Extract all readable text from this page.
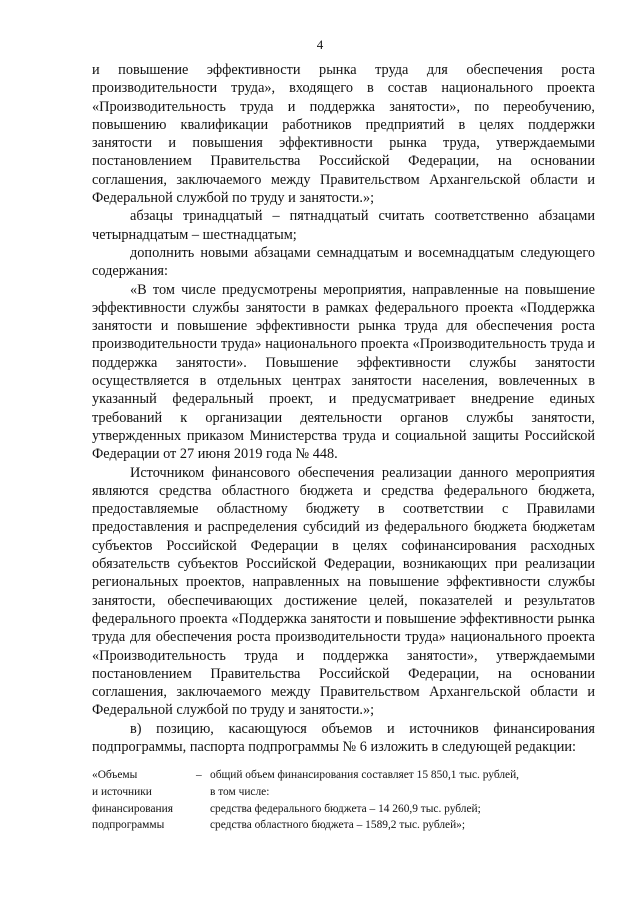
4

и повышение эффективности рынка труда для обеспечения роста производительности труда», входящего в состав национального проекта «Производительность труда и поддержка занятости», по переобучению, повышению квалификации работников предприятий в целях поддержки занятости и повышения эффективности рынка труда, утверждаемыми постановлением Правительства Российской Федерации, на основании соглашения, заключаемого между Правительством Архангельской области и Федеральной службой по труду и занятости.»;

абзацы тринадцатый – пятнадцатый считать соответственно абзацами четырнадцатым – шестнадцатым;

дополнить новыми абзацами семнадцатым и восемнадцатым следующего содержания:

«В том числе предусмотрены мероприятия, направленные на повышение эффективности службы занятости в рамках федерального проекта «Поддержка занятости и повышение эффективности рынка труда для обеспечения роста производительности труда» национального проекта «Производительность труда и поддержка занятости». Повышение эффективности службы занятости осуществляется в отдельных центрах занятости населения, вовлеченных в указанный федеральный проект, и предусматривает внедрение единых требований к организации деятельности органов службы занятости, утвержденных приказом Министерства труда и социальной защиты Российской Федерации от 27 июня 2019 года № 448.

Источником финансового обеспечения реализации данного мероприятия являются средства областного бюджета и средства федерального бюджета, предоставляемые областному бюджету в соответствии с Правилами предоставления и распределения субсидий из федерального бюджета бюджетам субъектов Российской Федерации в целях софинансирования расходных обязательств субъектов Российской Федерации, возникающих при реализации региональных проектов, направленных на повышение эффективности службы занятости, обеспечивающих достижение целей, показателей и результатов федерального проекта «Поддержка занятости и повышение эффективности рынка труда для обеспечения роста производительности труда» национального проекта «Производительность труда и поддержка занятости», утверждаемыми постановлением Правительства Российской Федерации, на основании соглашения, заключаемого между Правительством Архангельской области и Федеральной службой по труду и занятости.»;

в) позицию, касающуюся объемов и источников финансирования подпрограммы, паспорта подпрограммы № 6 изложить в следующей редакции:

«Объемы
и источники
финансирования
подпрограммы
– общий объем финансирования составляет 15 850,1 тыс. рублей,
в том числе:
средства федерального бюджета – 14 260,9 тыс. рублей;
средства областного бюджета – 1589,2 тыс. рублей»;
